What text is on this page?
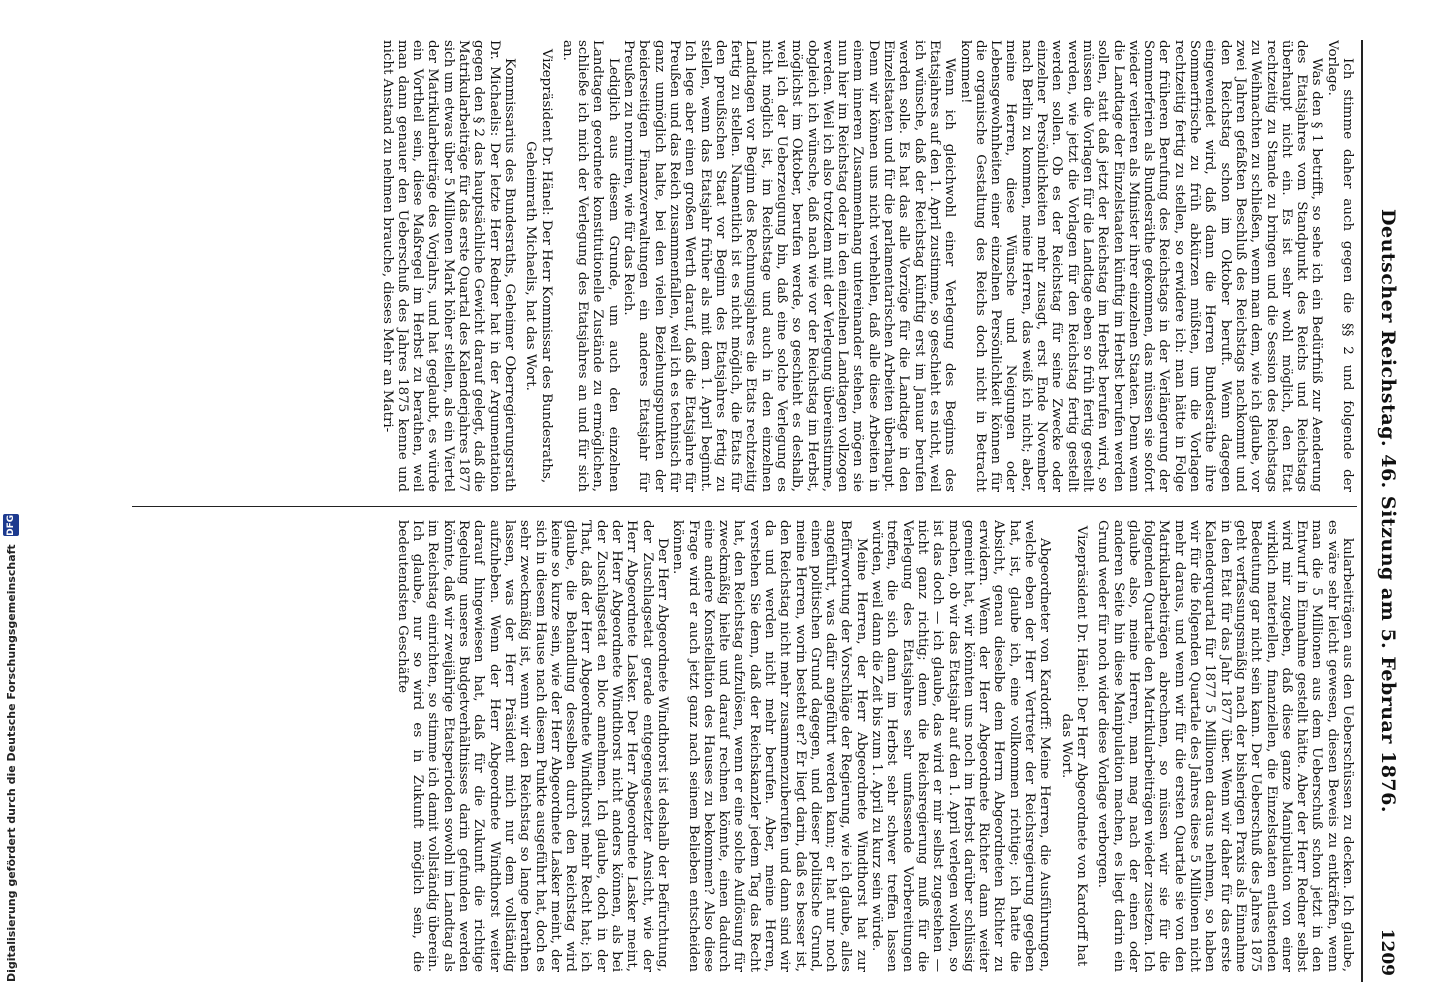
Deutscher Reichstag. 46. Sitzung am 5. Februar 1876.
1209

Ich stimme daher auch gegen die §§ 2 und folgende der Vorlage.

Was den § 1 betrifft, so sehe ich ein Bedürfniß zur Aenderung des Etatsjahres vom Standpunkt des Reichs und Reichstags überhaupt nicht ein. Es ist sehr wohl möglich, den Etat rechtzeitig zu Stande zu bringen und die Session des Reichstags zu Weihnachten zu schließen, wenn man dem, wie ich glaube, vor zwei Jahren gefaßten Beschluß des Reichstags nachkommt und den Reichstag schon im Oktober beruft. Wenn dagegen eingewendet wird, daß dann die Herren Bundesräthe ihre Sommerfrische zu früh abkürzen müßten, um die Vorlagen rechtzeitig fertig zu stellen, so erwidere ich: man hätte in Folge der früheren Berufung des Reichstags in der Verlängerung der Sommerferien als Bundesräthe gekommen, das müssen sie sofort wieder verlieren als Minister ihrer einzelnen Staaten. Denn wenn die Landtage der Einzelstaaten künftig im Herbst berufen werden sollen, statt daß jetzt der Reichstag im Herbst berufen wird, so müssen die Vorlagen für die Landtage eben so früh fertig gestellt werden, wie jetzt die Vorlagen für den Reichstag fertig gestellt werden sollen. Ob es der Reichstag für seine Zwecke oder einzelner Persönlichkeiten mehr zusagt, erst Ende November nach Berlin zu kommen, meine Herren, das weiß ich nicht; aber, meine Herren, diese Wünsche und Neigungen oder Lebensgewohnheiten einer einzelnen Persönlichkeit können für die organische Gestaltung des Reichs doch nicht in Betracht kommen!

Wenn ich gleichwohl einer Verlegung des Beginns des Etatsjahres auf den 1. April zustimme, so geschieht es nicht, weil ich wünsche, daß der Reichstag künftig erst im Januar berufen werden solle. Es hat das alle Vorzüge für die Landtage in den Einzelstaaten und für die parlamentarischen Arbeiten überhaupt. Denn wir können uns nicht verhehlen, daß alle diese Arbeiten in einem inneren Zusammenhang untereinander stehen, mögen sie nun hier im Reichstag oder in den einzelnen Landtagen vollzogen werden. Weil ich also trotzdem mit der Verlegung übereinstimme, obgleich ich wünsche, daß nach wie vor der Reichstag im Herbst, möglichst im Oktober, berufen werde, so geschieht es deshalb, weil ich der Ueberzeugung bin, daß eine solche Verlegung es nicht möglich ist, im Reichstage und auch in den einzelnen Landtagen vor Beginn des Rechnungsjahres die Etats rechtzeitig fertig zu stellen. Namentlich ist es nicht möglich, die Etats für den preußischen Staat vor Beginn des Etatsjahres fertig zu stellen, wenn das Etatsjahr früher als mit dem 1. April beginnt. Ich lege aber einen großen Werth darauf, daß die Etatsjahre für Preußen und das Reich zusammenfallen, weil ich es technisch für ganz unmöglich halte, bei den vielen Beziehungspunkten der beiderseitigen Finanzverwaltungen ein anderes Etatsjahr für Preußen zu normiren, wie für das Reich.

Lediglich aus diesem Grunde, um auch den einzelnen Landtagen geordnete konstitutionelle Zustände zu ermöglichen, schließe ich mich der Verlegung des Etatsjahres an und für sich an.

Vizepräsident Dr. Hänel: Der Herr Kommissar des Bundesraths, Geheimrath Michaelis, hat das Wort.

Kommissarius des Bundesraths, Geheimer Oberregierungsrath Dr. Michaelis: Der letzte Herr Redner hat in der Argumentation gegen den § 2 das hauptsächliche Gewicht darauf gelegt, daß die Matrikularbeiträge für das erste Quartal des Kalenderjahres 1877 sich um etwas über 5 Millionen Mark höher stellen, als ein Viertel der Matrikularbeiträge des Vorjahrs, und hat geglaubt, es würde ein Vortheil sein, diese Maßregel im Herbst zu berathen, weil man dann genauer den Ueberschuß des Jahres 1875 kenne und nicht Anstand zu nehmen brauche, dieses Mehr an Matri-

kularbeiträgen aus den Ueberschüssen zu decken. Ich glaube, es wäre sehr leicht gewesen, diesen Beweis zu entkräften, wenn man die 5 Millionen aus dem Ueberschuß schon jetzt in den Entwurf in Einnahme gestellt hätte. Aber der Herr Redner selbst wird mir zugeben, daß diese ganze Manipulation von einer wirklich materiellen, finanziellen, die Einzelstaaten entlastenden Bedeutung gar nicht sein kann. Der Ueberschuß des Jahres 1875 geht verfassungsmäßig nach der bisherigen Praxis als Einnahme in den Etat für das Jahr 1877 über. Wenn wir daher für das erste Kalenderquartal für 1877 5 Millionen daraus nehmen, so haben wir für die folgenden Quartale des Jahres diese 5 Millionen nicht mehr daraus, und wenn wir für die ersten Quartale sie von den Matrikularbeiträgen abrechnen, so müssen wir sie für die folgenden Quartale den Matrikularbeiträgen wieder zusetzen. Ich glaube also, meine Herren, man mag nach der einen oder anderen Seite hin diese Manipulation machen, es liegt darin ein Grund weder für noch wider diese Vorlage verborgen.

Vizepräsident Dr. Hänel: Der Herr Abgeordnete von Kardorff hat das Wort.

Abgeordneter von Kardorff: Meine Herren, die Ausführungen, welche eben der Herr Vertreter der Reichsregierung gegeben hat, ist, glaube ich, eine vollkommen richtige; ich hatte die Absicht, genau dieselbe dem Herrn Abgeordneten Richter zu erwidern. Wenn der Herr Abgeordnete Richter dann weiter gemeint hat, wir könnten uns noch im Herbst darüber schlüssig machen, ob wir das Etatsjahr auf den 1. April verlegen wollen, so ist das doch — ich glaube, das wird er mir selbst zugestehen — nicht ganz richtig; denn die Reichsregierung muß für die Verlegung des Etatsjahres sehr umfassende Vorbereitungen treffen, die sich dann im Herbst sehr schwer treffen lassen würden, weil dann die Zeit bis zum 1. April zu kurz sein würde.

Meine Herren, der Herr Abgeordnete Windthorst hat zur Befürwortung der Vorschläge der Regierung, wie ich glaube, alles angeführt, was dafür angeführt werden kann; er hat nur noch einen politischen Grund dagegen, und dieser politische Grund, meine Herren, worin besteht er? Er liegt darin, daß es besser ist, den Reichstag nicht mehr zusammenzuberufen und dann sind wir da und werden nicht mehr berufen. Aber, meine Herren, verstehen Sie denn, daß der Reichskanzler jedem Tag das Recht hat, den Reichstag aufzulösen, wenn er eine solche Auflösung für zweckmäßig hielte und darauf rechnen könnte, einen dadurch eine andere Konstellation des Hauses zu bekommen? Also diese Frage wird er auch jetzt ganz nach seinem Belieben entscheiden können.

Der Herr Abgeordnete Windthorst ist deshalb der Befürchtung, der Zuschlagsetat gerade entgegengesetzter Ansicht, wie der Herr Abgeordnete Lasker. Der Herr Abgeordnete Lasker meint, der Herr Abgeordnete Windthorst nicht anders können, als bei der Zuschlagsetat en bloc annehmen. Ich glaube, doch in der That, daß der Herr Abgeordnete Windthorst mehr Recht hat; ich glaube, die Behandlung desselben durch den Reichstag wird keine so kurze sein, wie der Herr Abgeordnete Lasker meint, der sich in diesem Hause nach diesem Punkte ausgeführt hat, doch es sehr zweckmäßig ist, wenn wir den Reichstag so lange berathen lassen, was der Herr Präsident mich nur dem vollständig aufzuheben. Wenn der Herr Abgeordnete Windthorst weiter darauf hingewiesen hat, daß für die Zukunft die richtige Regelung unseres Budgetverhältnisses darin gefunden werden könnte, daß wir zweijährige Etatsperioden sowohl im Landtag als im Reichstag einrichten, so stimme ich damit vollständig überein. Ich glaube, nur so wird es in Zukunft möglich sein, die bedeutendsten Geschäfte

Digitalisierung gefördert durch die Deutsche Forschungsgemeinschaft
DFG
